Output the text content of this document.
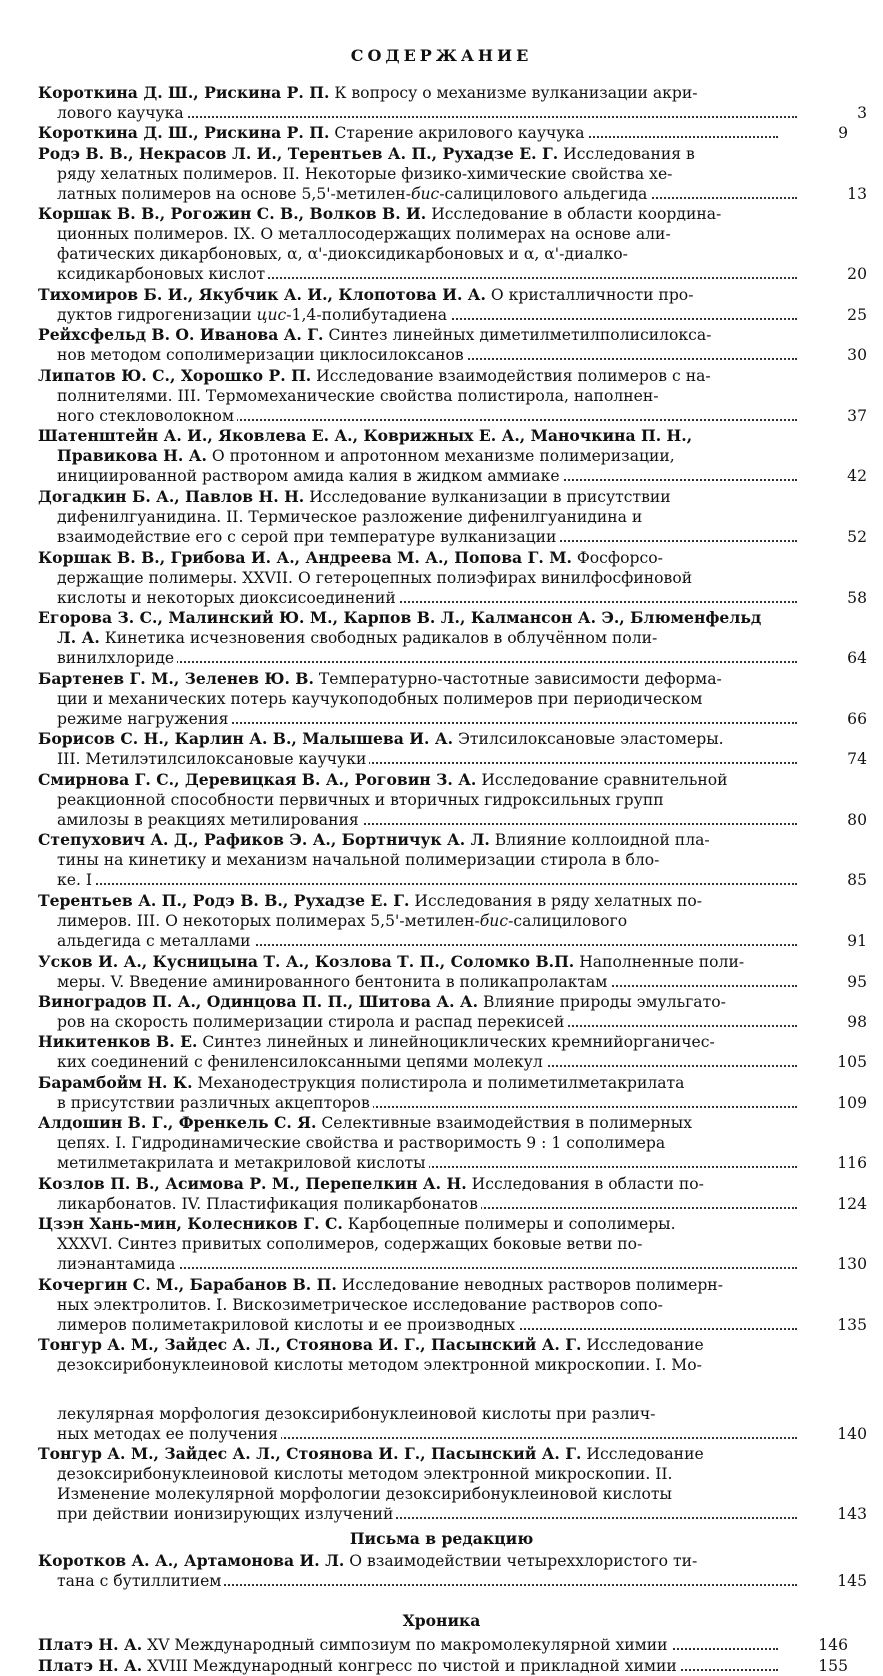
СОДЕРЖАНИЕ
Короткина Д. Ш., Рискина Р. П. К вопросу о механизме вулканизации акри-
лового каучука	3
Короткина Д. Ш., Рискина Р. П. Старение акрилового каучука	9
Родэ В. В., Некрасов Л. И., Терентьев А. П., Рухадзе Е. Г. Исследования в
ряду хелатных полимеров. II. Некоторые физико-химические свойства хе-
латных полимеров на основе 5,5'-метилен-бис-салицилового альдегида	13
Коршак В. В., Рогожин С. В., Волков В. И. Исследование в области координа-
ционных полимеров. IX. О металлосодержащих полимерах на основе али-
фатических дикарбоновых, α, α'-диоксидикарбоновых и α, α'-диалко-
ксидикарбоновых кислот	20
Тихомиров Б. И., Якубчик А. И., Клопотова И. А. О кристалличности про-
дуктов гидрогенизации цис-1,4-полибутадиена	25
Рейхсфельд В. О. Иванова А. Г. Синтез линейных диметилметилполисилокса-
нов методом сополимеризации циклосилоксанов	30
Липатов Ю. С., Хорошко Р. П. Исследование взаимодействия полимеров с на-
полнителями. III. Термомеханические свойства полистирола, наполнен-
ного стекловолокном	37
Шатенштейн А. И., Яковлева Е. А., Коврижных Е. А., Маночкина П. Н.,
Правикова Н. А. О протонном и апротонном механизме полимеризации,
инициированной раствором амида калия в жидком аммиаке	42
Догадкин Б. А., Павлов Н. Н. Исследование вулканизации в присутствии
дифенилгуанидина. II. Термическое разложение дифенилгуанидина и
взаимодействие его с серой при температуре вулканизации	52
Коршак В. В., Грибова И. А., Андреева М. А., Попова Г. М. Фосфорсо-
держащие полимеры. XXVII. О гетероцепных полиэфирах винилфосфиновой
кислоты и некоторых диоксисоединений	58
Егорова З. С., Малинский Ю. М., Карпов В. Л., Калмансон А. Э., Блюменфельд
Л. А. Кинетика исчезновения свободных радикалов в облучённом поли-
винилхлориде	64
Бартенев Г. М., Зеленев Ю. В. Температурно-частотные зависимости деформа-
ции и механических потерь каучукоподобных полимеров при периодическом
режиме нагружения	66
Борисов С. Н., Карлин А. В., Малышева И. А. Этилсилоксановые эластомеры.
III. Метилэтилсилоксановые каучуки	74
Смирнова Г. С., Деревицкая В. А., Роговин З. А. Исследование сравнительной
реакционной способности первичных и вторичных гидроксильных групп
амилозы в реакциях метилирования	80
Степухович А. Д., Рафиков Э. А., Бортничук А. Л. Влияние коллоидной пла-
тины на кинетику и механизм начальной полимеризации стирола в бло-
ке. I	85
Терентьев А. П., Родэ В. В., Рухадзе Е. Г. Исследования в ряду хелатных по-
лимеров. III. О некоторых полимерах 5,5'-метилен-бис-салицилового
альдегида с металлами	91
Усков И. А., Кусницына Т. А., Козлова Т. П., Соломко В.П. Наполненные поли-
меры. V. Введение аминированного бентонита в поликапролактам	95
Виноградов П. А., Одинцова П. П., Шитова А. А. Влияние природы эмульгато-
ров на скорость полимеризации стирола и распад перекисей	98
Никитенков В. Е. Синтез линейных и линейноциклических кремнийорганичес-
ких соединений с фениленсилоксанными цепями молекул	105
Барамбойм Н. К. Механодеструкция полистирола и полиметилметакрилата
в присутствии различных акцепторов	109
Алдошин В. Г., Френкель С. Я. Селективные взаимодействия в полимерных
цепях. I. Гидродинамические свойства и растворимость 9 : 1 сополимера
метилметакрилата и метакриловой кислоты	116
Козлов П. В., Асимова Р. М., Перепелкин А. Н. Исследования в области по-
ликарбонатов. IV. Пластификация поликарбонатов	124
Цзэн Хань-мин, Колесников Г. С. Карбоцепные полимеры и сополимеры.
XXXVI. Синтез привитых сополимеров, содержащих боковые ветви по-
лиэнантамида	130
Кочергин С. М., Барабанов В. П. Исследование неводных растворов полимерн-
ных электролитов. I. Вискозиметрическое исследование растворов сопо-
лимеров полиметакриловой кислоты и ее производных	135
Тонгур А. М., Зайдес А. Л., Стоянова И. Г., Пасынский А. Г. Исследование
дезоксирибонуклеиновой кислоты методом электронной микроскопии. I. Мо-
лекулярная морфология дезоксирибонуклеиновой кислоты при различ-
ных методах ее получения	140
Тонгур А. М., Зайдес А. Л., Стоянова И. Г., Пасынский А. Г. Исследование
дезоксирибонуклеиновой кислоты методом электронной микроскопии. II.
Изменение молекулярной морфологии дезоксирибонуклеиновой кислоты
при действии ионизирующих излучений	143
Письма в редакцию
Коротков А. А., Артамонова И. Л. О взаимодействии четыреххлористого ти-
тана с бутиллитием	145
Хроника
Платэ Н. А. XV Международный симпозиум по макромолекулярной химии	146
Платэ Н. А. XVIII Международный конгресс по чистой и прикладной химии	155
